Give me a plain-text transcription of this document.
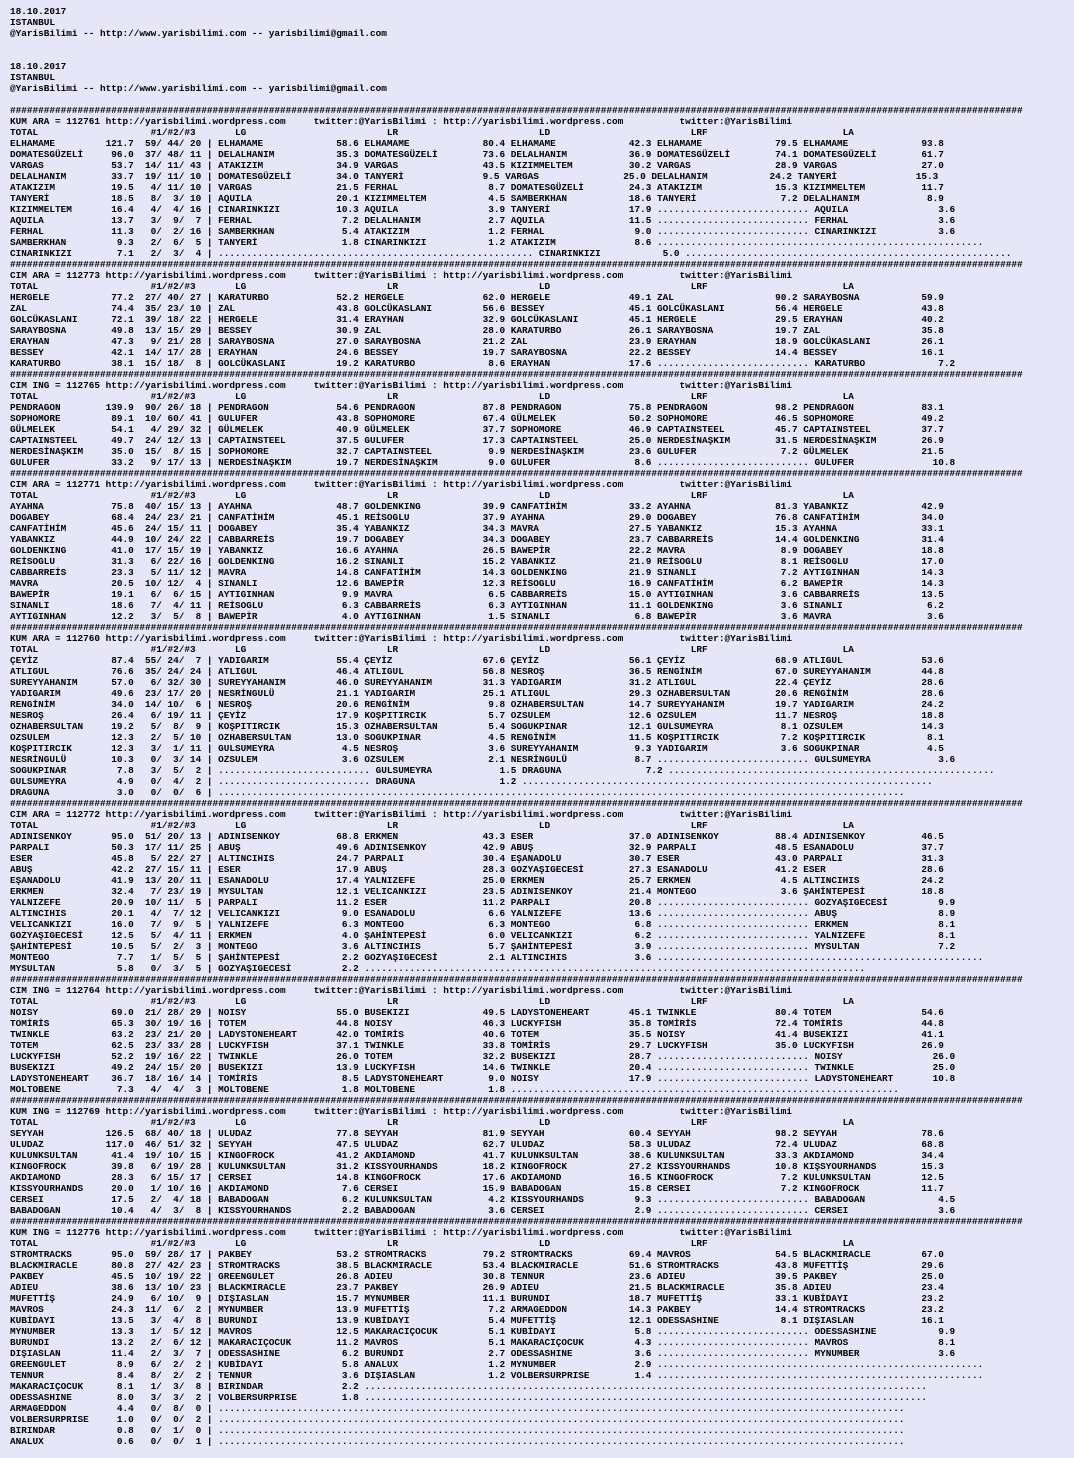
18.10.2017
ISTANBUL
@YarisBilimi -- http://www.yarisbilimi.com -- yarisbilimi@gmail.com
18.10.2017
ISTANBUL
@YarisBilimi -- http://www.yarisbilimi.com -- yarisbilimi@gmail.com
####################################################################################################################################################################################
KUM ARA = 112761 http://yarisbilimi.wordpress.com     twitter:@YarisBilimi : http://yarisbilimi.wordpress.com          twitter:@YarisBilimi
TOTAL                    #1/#2/#3       LG                         LR                         LD                         LRF                        LA
ELHAMAME         121.7  59/ 44/ 20 | ELHAMAME             58.6 ELHAMAME             80.4 ELHAMAME             42.3 ELHAMAME             79.5 ELHAMAME             93.8
DOMATESGÜZELİ     96.0  37/ 48/ 11 | DELALHANIM           35.3 DOMATESGÜZELİ        73.6 DELALHANIM           36.9 DOMATESGÜZELİ        74.1 DOMATESGÜZELİ        61.7
VARGAS            53.7  14/ 11/ 43 | ATAKIZIM             34.9 VARGAS               43.5 KIZIMMELTEM          30.2 VARGAS               28.9 VARGAS               27.0
DELALHANIM        33.7  19/ 11/ 10 | DOMATESGÜZELİ        34.0 TANYERİ              9.5 VARGAS               25.0 DELALHANIM           24.2 TANYERİ              15.3
ATAKIZIM          19.5   4/ 11/ 10 | VARGAS               21.5 FERHAL                8.7 DOMATESGÜZELİ        24.3 ATAKIZIM             15.3 KIZIMMELTEM          11.7
TANYERİ           18.5   8/  3/ 10 | AQUILA               20.1 KIZIMMELTEM           4.5 SAMBERKHAN           18.6 TANYERİ               7.2 DELALHANIM            8.9
KIZIMMELTEM       16.4   4/  4/ 16 | CINARINKIZI          10.3 AQUILA                3.9 TANYERİ              17.9 ........................... AQUILA                3.6
AQUILA            13.7   3/  9/  7 | FERHAL                7.2 DELALHANIM            2.7 AQUILA               11.5 ........................... FERHAL                3.6
FERHAL            11.3   0/  2/ 16 | SAMBERKHAN            5.4 ATAKIZIM              1.2 FERHAL                9.0 ........................... CINARINKIZI           3.6
SAMBERKHAN         9.3   2/  6/  5 | TANYERİ               1.8 CINARINKIZI           1.2 ATAKIZIM              8.6 ..........................................................
CINARINKIZI        7.1   2/  3/  4 | ........................................................ CINARINKIZI           5.0 ..........................................................
####################################################################################################################################################################################
CIM ARA = 112773 http://yarisbilimi.wordpress.com     twitter:@YarisBilimi : http://yarisbilimi.wordpress.com          twitter:@YarisBilimi
TOTAL                    #1/#2/#3       LG                         LR                         LD                         LRF                        LA
HERGELE           77.2  27/ 40/ 27 | KARATURBO            52.2 HERGELE              62.0 HERGELE              49.1 ZAL                  90.2 SARAYBOSNA           59.9
ZAL               74.4  35/ 23/ 10 | ZAL                  43.8 GOLCÜKASLANI         56.6 BESSEY               45.1 GOLCÜKASLANI         56.4 HERGELE              43.8
GOLCÜKASLANI      72.1  39/ 18/ 22 | HERGELE              31.4 ERAYHAN              32.9 GOLCÜKASLANI         45.1 HERGELE              29.5 ERAYHAN              40.2
SARAYBOSNA        49.8  13/ 15/ 29 | BESSEY               30.9 ZAL                  28.0 KARATURBO            26.1 SARAYBOSNA           19.7 ZAL                  35.8
ERAYHAN           47.3   9/ 21/ 28 | SARAYBOSNA           27.0 SARAYBOSNA           21.2 ZAL                  23.9 ERAYHAN              18.9 GOLCÜKASLANI         26.1
BESSEY            42.1  14/ 17/ 28 | ERAYHAN              24.6 BESSEY               19.7 SARAYBOSNA           22.2 BESSEY               14.4 BESSEY               16.1
KARATURBO         38.1  15/ 18/  8 | GOLCÜKASLANI         19.2 KARATURBO             8.6 ERAYHAN              17.6 ........................... KARATURBO             7.2
####################################################################################################################################################################################
CIM ING = 112765 http://yarisbilimi.wordpress.com     twitter:@YarisBilimi : http://yarisbilimi.wordpress.com          twitter:@YarisBilimi
TOTAL                    #1/#2/#3       LG                         LR                         LD                         LRF                        LA
PENDRAGON        139.9  90/ 26/ 18 | PENDRAGON            54.6 PENDRAGON            87.8 PENDRAGON            75.8 PENDRAGON            98.2 PENDRAGON            83.1
SOPHOMORE         89.1  10/ 60/ 41 | GULUFER              43.8 SOPHOMORE            67.4 GÜLMELEK             50.2 SOPHOMORE            46.5 SOPHOMORE            49.2
GÜLMELEK          54.1   4/ 29/ 32 | GÜLMELEK             40.9 GÜLMELEK             37.7 SOPHOMORE            46.9 CAPTAINSTEEL         45.7 CAPTAINSTEEL         37.7
CAPTAINSTEEL      49.7  24/ 12/ 13 | CAPTAINSTEEL         37.5 GULUFER              17.3 CAPTAINSTEEL         25.0 NERDESİNAŞKIM        31.5 NERDESİNAŞKIM        26.9
NERDESİNAŞKIM     35.0  15/  8/ 15 | SOPHOMORE            32.7 CAPTAINSTEEL          9.9 NERDESİNAŞKIM        23.6 GULUFER               7.2 GÜLMELEK             21.5
GULUFER           33.2   9/ 17/ 13 | NERDESİNAŞKIM        19.7 NERDESİNAŞKIM         9.0 GULUFER               8.6 ........................... GULUFER              10.8
####################################################################################################################################################################################
CIM ARA = 112771 http://yarisbilimi.wordpress.com     twitter:@YarisBilimi : http://yarisbilimi.wordpress.com          twitter:@YarisBilimi
TOTAL                    #1/#2/#3       LG                         LR                         LD                         LRF                        LA
AYAHNA            75.8  40/ 15/ 13 | AYAHNA               48.7 GOLDENKING           39.9 CANFATİHİM           33.2 AYAHNA               81.3 YABANKIZ             42.9
DOGABEY           68.4  24/ 23/ 21 | CANFATİHİM           45.1 REİSOGLU             37.9 AYAHNA               29.0 DOGABEY              76.8 CANFATİHİM           34.0
CANFATİHİM        45.6  24/ 15/ 11 | DOGABEY              35.4 YABANKIZ             34.3 MAVRA                27.5 YABANKIZ             15.3 AYAHNA               33.1
YABANKIZ          44.9  10/ 24/ 22 | CABBARREİS           19.7 DOGABEY              34.3 DOGABEY              23.7 CABBARREİS           14.4 GOLDENKING           31.4
GOLDENKING        41.0  17/ 15/ 19 | YABANKIZ             16.6 AYAHNA               26.5 BAWEPİR              22.2 MAVRA                 8.9 DOGABEY              18.8
REİSOGLU          31.3   6/ 22/ 16 | GOLDENKING           16.2 SINANLI              15.2 YABANKIZ             21.9 REİSOGLU              8.1 REİSOGLU             17.0
CABBARREİS        23.3   5/ 11/ 12 | MAVRA                14.8 CANFATİHİM           14.3 GOLDENKING           21.9 SINANLI               7.2 AYTIGINHAN           14.3
MAVRA             20.5  10/ 12/  4 | SINANLI              12.6 BAWEPİR              12.3 REİSOGLU             16.9 CANFATİHİM            6.2 BAWEPİR              14.3
BAWEPİR           19.1   6/  6/ 15 | AYTIGINHAN            9.9 MAVRA                 6.5 CABBARREİS           15.0 AYTIGINHAN            3.6 CABBARREİS           13.5
SINANLI           18.6   7/  4/ 11 | REİSOGLU              6.3 CABBARREİS            6.3 AYTIGINHAN           11.1 GOLDENKING            3.6 SINANLI               6.2
AYTIGINHAN        12.2   3/  5/  8 | BAWEPİR               4.0 AYTIGINHAN            1.5 SINANLI               6.8 BAWEPİR               3.6 MAVRA                 3.6
####################################################################################################################################################################################
KUM ARA = 112760 http://yarisbilimi.wordpress.com     twitter:@YarisBilimi : http://yarisbilimi.wordpress.com          twitter:@YarisBilimi
TOTAL                    #1/#2/#3       LG                         LR                         LD                         LRF                        LA
ÇEYİZ             87.4  55/ 24/  7 | YADIGARIM            55.4 ÇEYİZ                67.6 ÇEYİZ                56.1 ÇEYİZ                68.9 ATLIGUL              53.6
ATLIGUL           76.6  35/ 24/ 24 | ATLIGUL              46.4 ATLIGUL              56.8 NESROŞ               36.5 RENGİNİM             67.0 SUREYYAHANIM         44.8
SUREYYAHANIM      57.0   6/ 32/ 30 | SUREYYAHANIM         46.0 SUREYYAHANIM         31.3 YADIGARIM            31.2 ATLIGUL              22.4 ÇEYİZ                28.6
YADIGARIM         49.6  23/ 17/ 20 | NESRİNGULÜ           21.1 YADIGARIM            25.1 ATLIGUL              29.3 OZHABERSULTAN        20.6 RENGİNİM             28.6
RENGİNİM          34.0  14/ 10/  6 | NESROŞ               20.6 RENGİNİM              9.8 OZHABERSULTAN        14.7 SUREYYAHANIM         19.7 YADIGARIM            24.2
NESROŞ            26.4   6/ 19/ 11 | ÇEYİZ                17.9 KOŞPITIRCIK           5.7 OZSULEM              12.6 OZSULEM              11.7 NESROŞ               18.8
OZHABERSULTAN     19.2   5/  8/  9 | KOŞPITIRCIK          15.3 OZHABERSULTAN         5.4 SOGUKPINAR           12.1 GULSUMEYRA            8.1 OZSULEM              14.3
OZSULEM           12.3   2/  5/ 10 | OZHABERSULTAN        13.0 SOGUKPINAR            4.5 RENGİNİM             11.5 KOŞPITIRCIK           7.2 KOŞPITIRCIK           8.1
KOŞPITIRCIK       12.3   3/  1/ 11 | GULSUMEYRA            4.5 NESROŞ                3.6 SUREYYAHANIM          9.3 YADIGARIM             3.6 SOGUKPINAR            4.5
NESRİNGULÜ        10.3   0/  3/ 14 | OZSULEM               3.6 OZSULEM               2.1 NESRİNGULÜ            8.7 ........................... GULSUMEYRA            3.6
SOGUKPINAR         7.8   3/  5/  2 | ........................... GULSUMEYRA            1.5 DRAGUNA               7.2 ..........................................................
GULSUMEYRA         4.9   0/  4/  2 | ........................... DRAGUNA               1.2 .........................................................................
DRAGUNA            3.0   0/  0/  6 | ..........................................................................................................................
####################################################################################################################################################################################
CIM ARA = 112772 http://yarisbilimi.wordpress.com     twitter:@YarisBilimi : http://yarisbilimi.wordpress.com          twitter:@YarisBilimi
TOTAL                    #1/#2/#3       LG                         LR                         LD                         LRF                        LA
ADINISENKOY       95.0  51/ 20/ 13 | ADINISENKOY          68.8 ERKMEN               43.3 ESER                 37.0 ADINISENKOY          88.4 ADINISENKOY          46.5
PARPALI           50.3  17/ 11/ 25 | ABUŞ                 49.6 ADINISENKOY          42.9 ABUŞ                 32.9 PARPALI              48.5 ESANADOLU            37.7
ESER              45.8   5/ 22/ 27 | ALTINCIHIS           24.7 PARPALI              30.4 EŞANADOLU            30.7 ESER                 43.0 PARPALI              31.3
ABUŞ              42.2  27/ 15/ 11 | ESER                 17.9 ABUŞ                 28.3 GOZYAŞIGECESİ        27.3 ESANADOLU            41.2 ESER                 28.6
EŞANADOLU         41.9  13/ 20/ 11 | ESANADOLU            17.4 YALNIZEFE            25.0 ERKMEN               25.7 ERKMEN                4.5 ALTINCIHIS           24.2
ERKMEN            32.4   7/ 23/ 19 | MYSULTAN             12.1 VELICANKIZI          23.5 ADINISENKOY          21.4 MONTEGO               3.6 ŞAHİNTEPESİ          18.8
YALNIZEFE         20.9  10/ 11/  5 | PARPALI              11.2 ESER                 11.2 PARPALI              20.8 ........................... GOZYAŞIGECESİ         9.9
ALTINCIHIS        20.1   4/  7/ 12 | VELICANKIZI           9.0 ESANADOLU             6.6 YALNIZEFE            13.6 ........................... ABUŞ                  8.9
VELICANKIZI       16.0   7/  9/  5 | YALNIZEFE             6.3 MONTEGO               6.3 MONTEGO               6.8 ........................... ERKMEN                8.1
GOZYAŞIGECESİ     12.5   5/  4/ 11 | ERKMEN                4.0 ŞAHİNTEPESİ           6.0 VELICANKIZI           6.2 ........................... YALNIZEFE             8.1
ŞAHİNTEPESİ       10.5   5/  2/  3 | MONTEGO               3.6 ALTINCIHIS            5.7 ŞAHİNTEPESİ           3.9 ........................... MYSULTAN              7.2
MONTEGO            7.7   1/  5/  5 | ŞAHİNTEPESİ           2.2 GOZYAŞIGECESİ         2.1 ALTINCIHIS            3.6 ..........................................................
MYSULTAN           5.8   0/  3/  5 | GOZYAŞIGECESİ         2.2 .........................................................................................
####################################################################################################################################################################################
CIM ING = 112764 http://yarisbilimi.wordpress.com     twitter:@YarisBilimi : http://yarisbilimi.wordpress.com          twitter:@YarisBilimi
TOTAL                    #1/#2/#3       LG                         LR                         LD                         LRF                        LA
NOISY             69.0  21/ 28/ 29 | NOISY                55.0 BUSEKIZI             49.5 LADYSTONEHEART       45.1 TWINKLE              80.4 TOTEM                54.6
TOMİRİS           65.3  30/ 19/ 16 | TOTEM                44.8 NOISY                46.3 LUCKYFISH            35.8 TOMİRİS              72.4 TOMİRİS              44.8
TWINKLE           63.2  23/ 21/ 20 | LADYSTONEHEART       42.0 TOMİRİS              40.6 TOTEM                35.5 NOISY                41.4 BUSEKIZI             41.1
TOTEM             62.5  23/ 33/ 28 | LUCKYFISH            37.1 TWINKLE              33.8 TOMİRİS              29.7 LUCKYFISH            35.0 LUCKYFISH            26.9
LUCKYFISH         52.2  19/ 16/ 22 | TWINKLE              26.0 TOTEM                32.2 BUSEKIZI             28.7 ........................... NOISY                26.0
BUSEKIZI          49.2  24/ 15/ 20 | BUSEKIZI             13.9 LUCKYFISH            14.6 TWINKLE              20.4 ........................... TWINKLE              25.0
LADYSTONEHEART    36.7  18/ 16/ 14 | TOMİRİS               8.5 LADYSTONEHEART        9.0 NOISY                17.9 ........................... LADYSTONEHEART       10.8
MOLTOBENE          7.3   4/  4/  3 | MOLTOBENE             1.8 MOLTOBENE             1.8 .....................................................................
####################################################################################################################################################################################
KUM ING = 112769 http://yarisbilimi.wordpress.com     twitter:@YarisBilimi : http://yarisbilimi.wordpress.com          twitter:@YarisBilimi
TOTAL                    #1/#2/#3       LG                         LR                         LD                         LRF                        LA
SEYYAH           126.5  68/ 40/ 18 | ULUDAZ               77.8 SEYYAH               81.9 SEYYAH               60.4 SEYYAH               98.2 SEYYAH               78.6
ULUDAZ           117.0  46/ 51/ 32 | SEYYAH               47.5 ULUDAZ               62.7 ULUDAZ               58.3 ULUDAZ               72.4 ULUDAZ               68.8
KULUNKSULTAN      41.4  19/ 10/ 15 | KINGOFROCK           41.2 AKDIAMOND            41.7 KULUNKSULTAN         38.6 KULUNKSULTAN         33.3 AKDIAMOND            34.4
KINGOFROCK        39.8   6/ 19/ 28 | KULUNKSULTAN         31.2 KISSYOURHANDS        18.2 KINGOFROCK           27.2 KISSYOURHANDS        10.8 KIŞSYOURHANDS        15.3
AKDIAMOND         28.3   6/ 15/ 17 | CERSEI               14.8 KINGOFROCK           17.6 AKDIAMOND            16.5 KINGOFROCK            7.2 KULUNKSULTAN         12.5
KISSYOURHANDS     20.0   1/ 10/ 16 | AKDIAMOND             7.6 CERSEI               15.9 BABADOGAN            15.8 CERSEI                7.2 KINGOFROCK           11.7
CERSEI            17.5   2/  4/ 18 | BABADOGAN             6.2 KULUNKSULTAN          4.2 KISSYOURHANDS         9.3 ........................... BABADOGAN             4.5
BABADOGAN         10.4   4/  3/  8 | KISSYOURHANDS         2.2 BABADOGAN             3.6 CERSEI                2.9 ........................... CERSEI                3.6
####################################################################################################################################################################################
KUM ING = 112776 http://yarisbilimi.wordpress.com     twitter:@YarisBilimi : http://yarisbilimi.wordpress.com          twitter:@YarisBilimi
TOTAL                    #1/#2/#3       LG                         LR                         LD                         LRF                        LA
STROMTRACKS       95.0  59/ 28/ 17 | PAKBEY               53.2 STROMTRACKS          79.2 STROMTRACKS          69.4 MAVROS               54.5 BLACKMIRACLE         67.0
BLACKMIRACLE      80.8  27/ 42/ 23 | STROMTRACKS          38.5 BLACKMIRACLE         53.4 BLACKMIRACLE         51.6 STROMTRACKS          43.8 MUFETTİŞ             29.6
PAKBEY            45.5  10/ 19/ 22 | GREENGULET           26.8 ADIEU                30.8 TENNUR               23.6 ADIEU                39.5 PAKBEY               25.0
ADIEU             38.6  13/ 10/ 23 | BLACKMIRACLE         23.7 PAKBEY               26.9 ADIEU                21.5 BLACKMIRACLE         35.8 ADIEU                23.4
MUFETTİŞ          24.9   6/ 10/  9 | DIŞIASLAN            15.7 MYNUMBER             11.1 BURUNDI              18.7 MUFETTİŞ             33.1 KUBİDAYI             23.2
MAVROS            24.3  11/  6/  2 | MYNUMBER             13.9 MUFETTİŞ              7.2 ARMAGEDDON           14.3 PAKBEY               14.4 STROMTRACKS          23.2
KUBİDAYI          13.5   3/  4/  8 | BURUNDI              13.9 KUBİDAYI              5.4 MUFETTİŞ             12.1 ODESSASHINE           8.1 DIŞIASLAN            16.1
MYNUMBER          13.3   1/  5/ 12 | MAVROS               12.5 MAKARACIÇOCUK         5.1 KUBİDAYI              5.8 ........................... ODESSASHINE           9.9
BURUNDI           13.2   2/  6/ 12 | MAKARACIÇOCUK        11.2 MAVROS                5.1 MAKARACIÇOCUK         4.3 ........................... MAVROS                8.1
DIŞIASLAN         11.4   2/  3/  7 | ODESSASHINE           6.2 BURUNDI               2.7 ODESSASHINE           3.6 ........................... MYNUMBER              3.6
GREENGULET         8.9   6/  2/  2 | KUBİDAYI              5.8 ANALUX                1.2 MYNUMBER              2.9 ..........................................................
TENNUR             8.4   8/  2/  2 | TENNUR                3.6 DIŞIASLAN             1.2 VOLBERSURPRISE        1.4 ..........................................................
MAKARACIÇOCUK      8.1   1/  3/  8 | BIRINDAR              2.2 ....................................................................................................
ODESSASHINE        8.0   3/  3/  2 | VOLBERSURPRISE        1.8 ....................................................................................................
ARMAGEDDON         4.4   0/  8/  0 | ..........................................................................................................................
VOLBERSURPRISE     1.0   0/  0/  2 | ..........................................................................................................................
BIRINDAR           0.8   0/  1/  0 | ..........................................................................................................................
ANALUX             0.6   0/  0/  1 | ..........................................................................................................................
